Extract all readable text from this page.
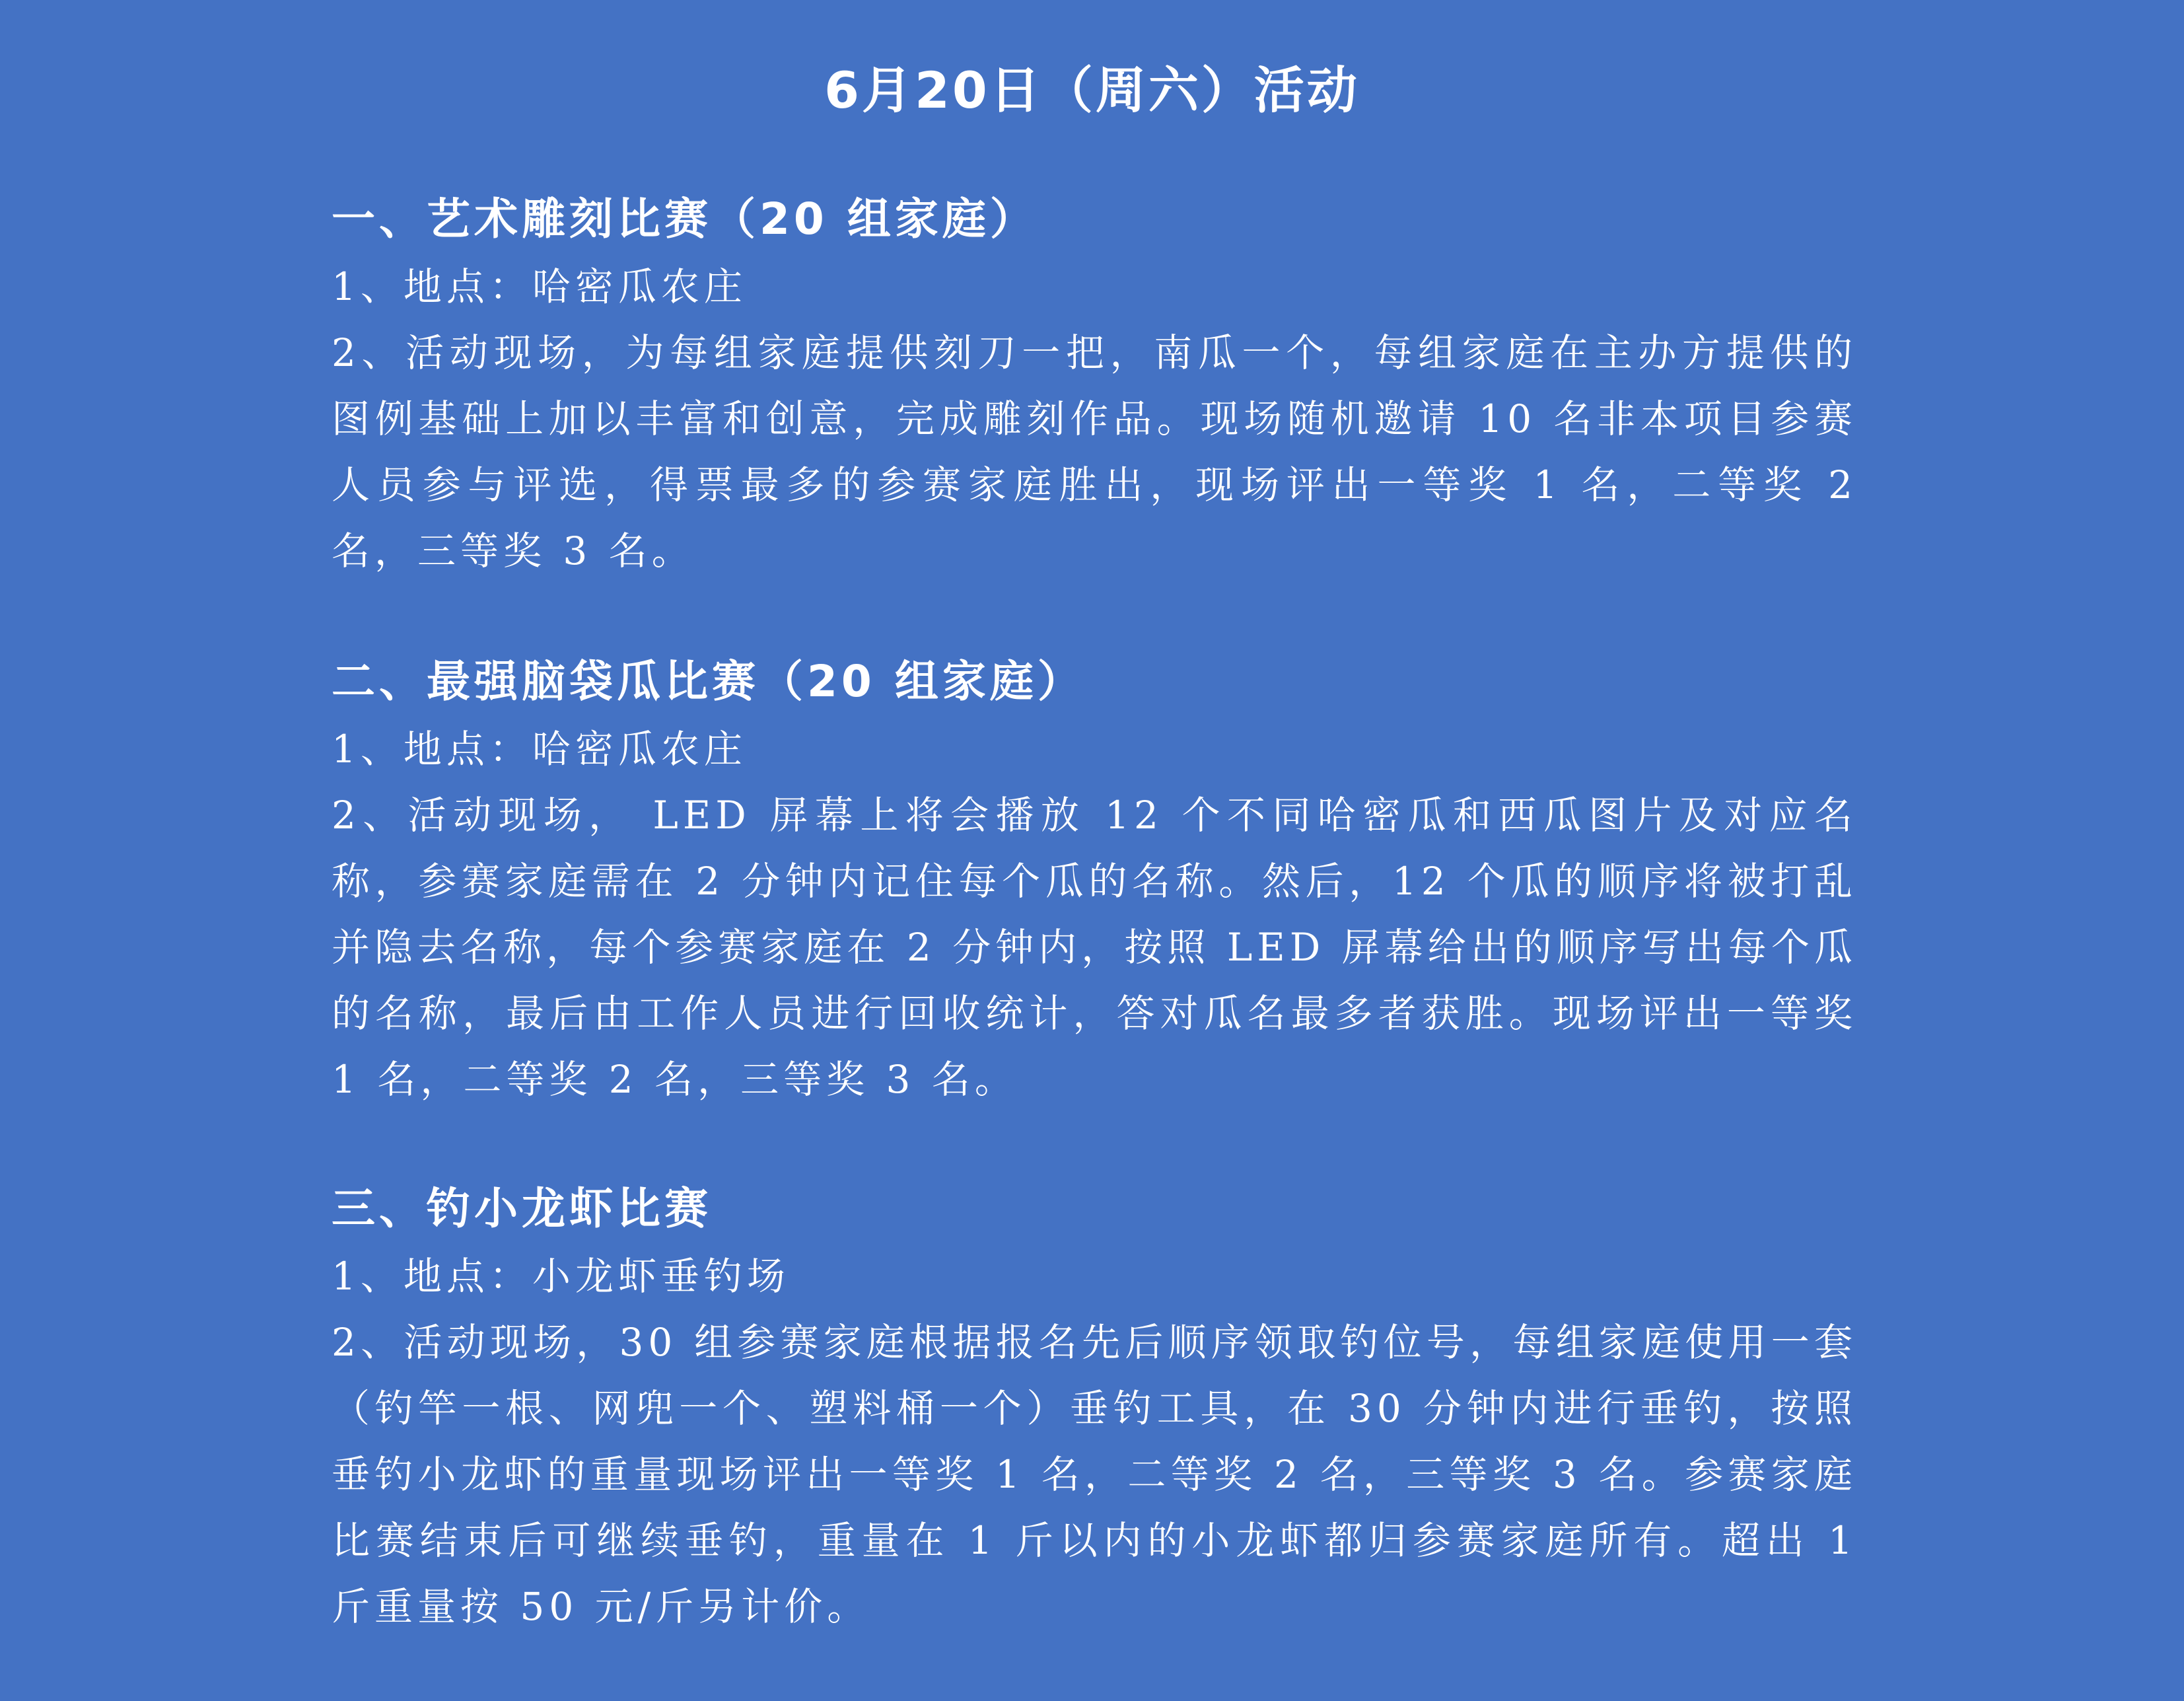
6月20日（周六）活动
一、艺术雕刻比赛（20 组家庭）

1、地点：哈密瓜农庄

2、活动现场，为每组家庭提供刻刀一把，南瓜一个，每组家庭在主办方提供的图例基础上加以丰富和创意，完成雕刻作品。现场随机邀请 10 名非本项目参赛人员参与评选，得票最多的参赛家庭胜出，现场评出一等奖 1 名，二等奖 2 名，三等奖 3 名。

二、最强脑袋瓜比赛（20 组家庭）

1、地点：哈密瓜农庄

2、活动现场， LED 屏幕上将会播放 12 个不同哈密瓜和西瓜图片及对应名称，参赛家庭需在 2 分钟内记住每个瓜的名称。然后，12 个瓜的顺序将被打乱并隐去名称，每个参赛家庭在 2 分钟内，按照 LED 屏幕给出的顺序写出每个瓜的名称，最后由工作人员进行回收统计，答对瓜名最多者获胜。现场评出一等奖 1 名，二等奖 2 名，三等奖 3 名。

三、钓小龙虾比赛

1、地点：小龙虾垂钓场

2、活动现场，30 组参赛家庭根据报名先后顺序领取钓位号，每组家庭使用一套（钓竿一根、网兜一个、塑料桶一个）垂钓工具，在 30 分钟内进行垂钓，按照垂钓小龙虾的重量现场评出一等奖 1 名，二等奖 2 名，三等奖 3 名。参赛家庭比赛结束后可继续垂钓，重量在 1 斤以内的小龙虾都归参赛家庭所有。超出 1 斤重量按 50 元/斤另计价。
